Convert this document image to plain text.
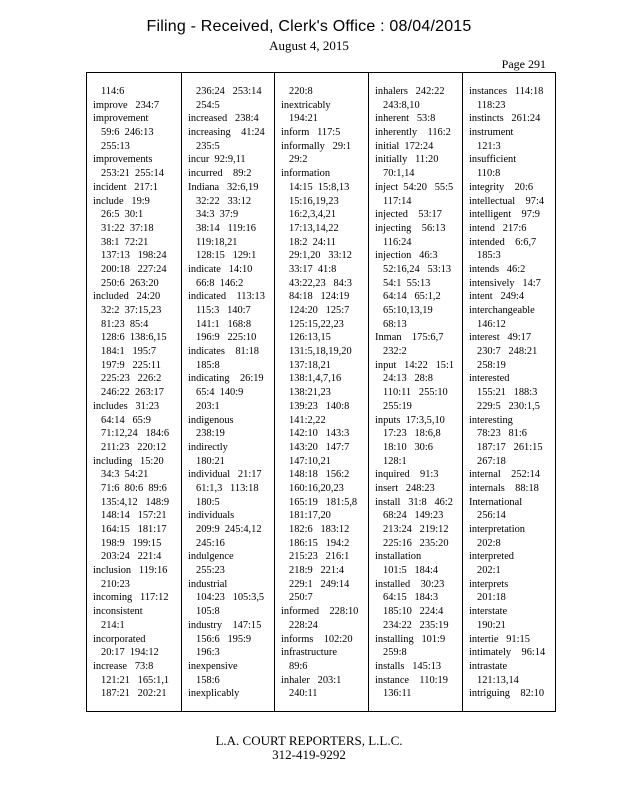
Filing - Received, Clerk's Office : 08/04/2015
August 4, 2015
Page 291
114:6
improve   234:7
improvement
59:6  246:13
255:13
improvements
253:21  255:14
incident   217:1
include   19:9
26:5  30:1
31:22  37:18
38:1  72:21
137:13   198:24
200:18   227:24
250:6  263:20
included   24:20
32:2  37:15,23
81:23  85:4
128:6  138:6,15
184:1   195:7
197:9   225:11
225:23   226:2
246:22  263:17
includes   31:23
64:14   65:9
71:12,24   184:6
211:23   220:12
including   15:20
34:3  54:21
71:6  80:6  89:6
135:4,12   148:9
148:14   157:21
164:15   181:17
198:9   199:15
203:24   221:4
inclusion   119:16
210:23
incoming   117:12
inconsistent
214:1
incorporated
20:17  194:12
increase   73:8
121:21   165:1,1
187:21   202:21
236:24   253:14
254:5
increased   238:4
increasing    41:24
235:5
incur  92:9,11
incurred    89:2
Indiana   32:6,19
32:22   33:12
34:3  37:9
38:14   119:16
119:18,21
128:15   129:1
indicate   14:10
66:8  146:2
indicated    113:13
115:3   140:7
141:1   168:8
196:9   225:10
indicates    81:18
185:8
indicating    26:19
65:4  140:9
203:1
indigenous
238:19
indirectly
180:21
individual   21:17
61:1,3   113:18
180:5
individuals
209:9  245:4,12
245:16
indulgence
255:23
industrial
104:23   105:3,5
105:8
industry    147:15
156:6   195:9
196:3
inexpensive
158:6
inexplicably
220:8
inextricably
194:21
inform   117:5
informally   29:1
29:2
information
14:15  15:8,13
15:16,19,23
16:2,3,4,21
17:13,14,22
18:2  24:11
29:1,20   33:12
33:17  41:8
43:22,23   84:3
84:18   124:19
124:20   125:7
125:15,22,23
126:13,15
131:5,18,19,20
137:18,21
138:1,4,7,16
138:21,23
139:23   140:8
141:2,22
142:10   143:3
143:20   147:7
147:10,21
148:18   156:2
160:16,20,23
165:19   181:5,8
181:17,20
182:6   183:12
186:15   194:2
215:23   216:1
218:9   221:4
229:1   249:14
250:7
informed    228:10
228:24
informs    102:20
infrastructure
89:6
inhaler   203:1
240:11
inhalers   242:22
243:8,10
inherent   53:8
inherently    116:2
initial  172:24
initially   11:20
70:1,14
inject  54:20   55:5
117:14
injected    53:17
injecting    56:13
116:24
injection   46:3
52:16,24   53:13
54:1  55:13
64:14   65:1,2
65:10,13,19
68:13
Inman    175:6,7
232:2
input   14:22   15:1
24:13   28:8
110:11   255:10
255:19
inputs  17:3,5,10
17:23   18:6,8
18:10   30:6
128:1
inquired    91:3
insert   248:23
install   31:8   46:2
68:24   149:23
213:24   219:12
225:16   235:20
installation
101:5   184:4
installed    30:23
64:15   184:3
185:10   224:4
234:22   235:19
installing   101:9
259:8
installs   145:13
instance    110:19
136:11
instances   114:18
118:23
instincts   261:24
instrument
121:3
insufficient
110:8
integrity    20:6
intellectual    97:4
intelligent    97:9
intend   217:6
intended    6:6,7
185:3
intends   46:2
intensively   14:7
intent   249:4
interchangeable
146:12
interest   49:17
230:7   248:21
258:19
interested
155:21   188:3
229:5   230:1,5
interesting
78:23   81:6
187:17   261:15
267:18
internal    252:14
internals    88:18
International
256:14
interpretation
202:8
interpreted
202:1
interprets
201:18
interstate
190:21
intertie   91:15
intimately    96:14
intrastate
121:13,14
intriguing    82:10
L.A. COURT REPORTERS, L.L.C.
312-419-9292
